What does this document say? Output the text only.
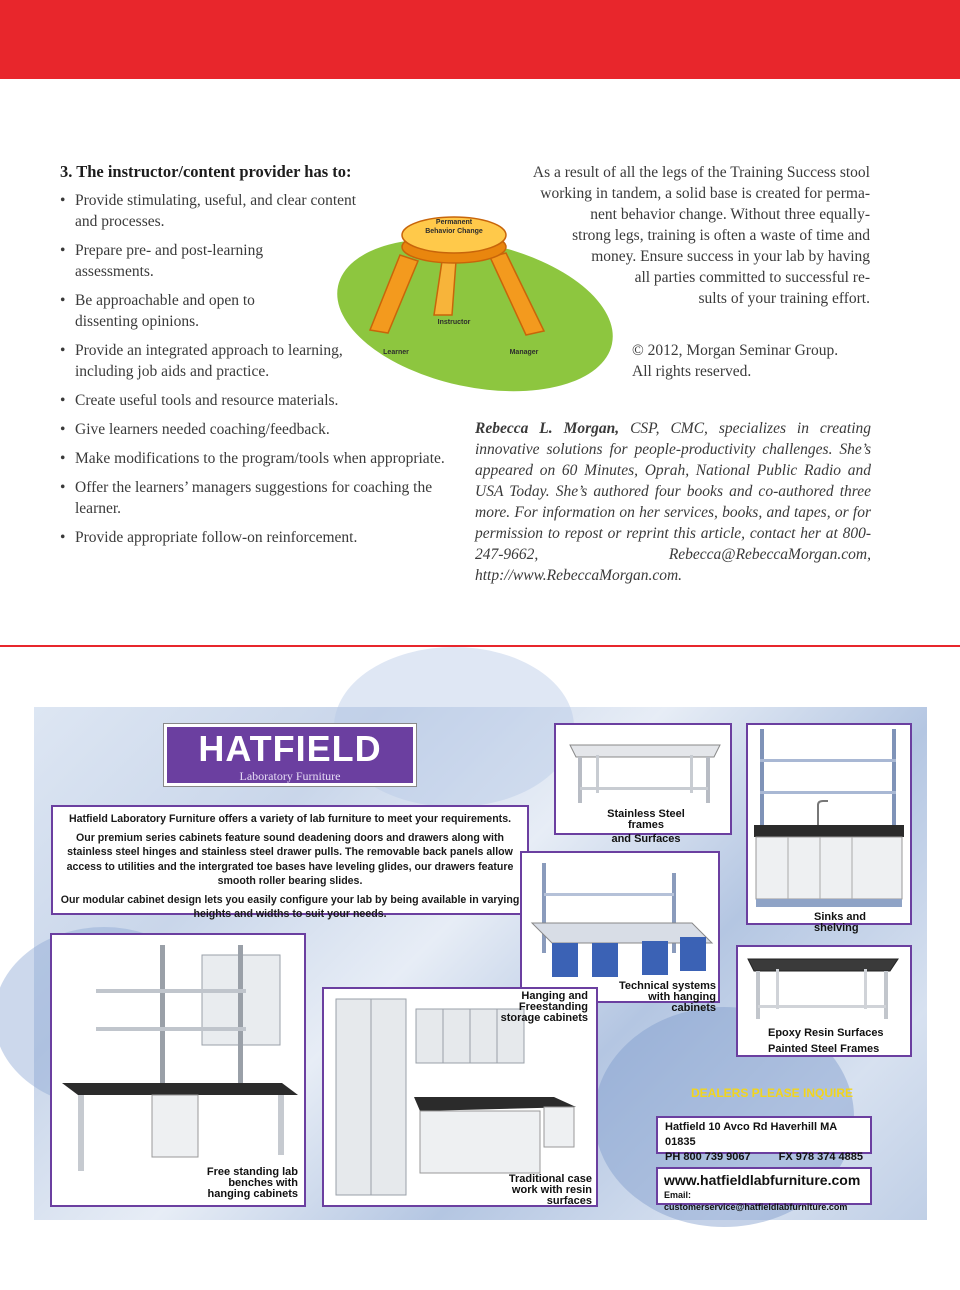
3. The instructor/content provider has to:
• Provide stimulating, useful, and clear content and processes.
• Prepare pre- and post-learning assessments.
• Be approachable and open to dissenting opinions.
• Provide an integrated approach to learning, including job aids and practice.
• Create useful tools and resource materials.
• Give learners needed coaching/feedback.
• Make modifications to the program/tools when appropriate.
• Offer the learners’ managers suggestions for coaching the learner.
• Provide appropriate follow-on reinforcement.
Permanent
Behavior Change
Instructor
Learner	Manager
As a result of all the legs of the Training Success stool
working in tandem, a solid base is created for perma-
nent behavior change. Without three equally-
strong legs, training is often a waste of time and
money. Ensure success in your lab by having
all parties committed to successful re-
sults of your training effort.
© 2012, Morgan Seminar Group.
All rights reserved.
Rebecca L. Morgan, CSP, CMC, specializes in creating innovative solutions for people-productivity challenges. She’s appeared on 60 Minutes, Oprah, National Public Radio and USA Today. She’s authored four books and co-authored three more. For information on her services, books, and tapes, or for permission to repost or reprint this article, contact her at 800-247-9662, Rebecca@RebeccaMorgan.com, http://www.RebeccaMorgan.com.
HATFIELD
Laboratory Furniture

Hatfield Laboratory Furniture offers a variety of lab furniture to meet your requirements.

Our premium series cabinets feature sound deadening doors and drawers along with stainless steel hinges and stainless steel drawer pulls. The removable back panels allow access to utilities and the intergrated toe bases have leveling glides, our drawers feature smooth roller bearing slides.

Our modular cabinet design lets you easily configure your lab by being available in varying heights and widths to suit your needs.

Stainless Steel frames
and Surfaces
Sinks and shelving
Technical systems
with hanging cabinets
Epoxy Resin Surfaces
Painted Steel Frames
Free standing lab
benches with
hanging cabinets
Traditional case
work with resin
surfaces
Hanging and Freestanding
storage cabinets
DEALERS PLEASE INQUIRE
Hatfield 10 Avco Rd Haverhill MA 01835
PH 800 739 9067	FX 978 374 4885
www.hatfieldlabfurniture.com
Email: customerservice@hatfieldlabfurniture.com
